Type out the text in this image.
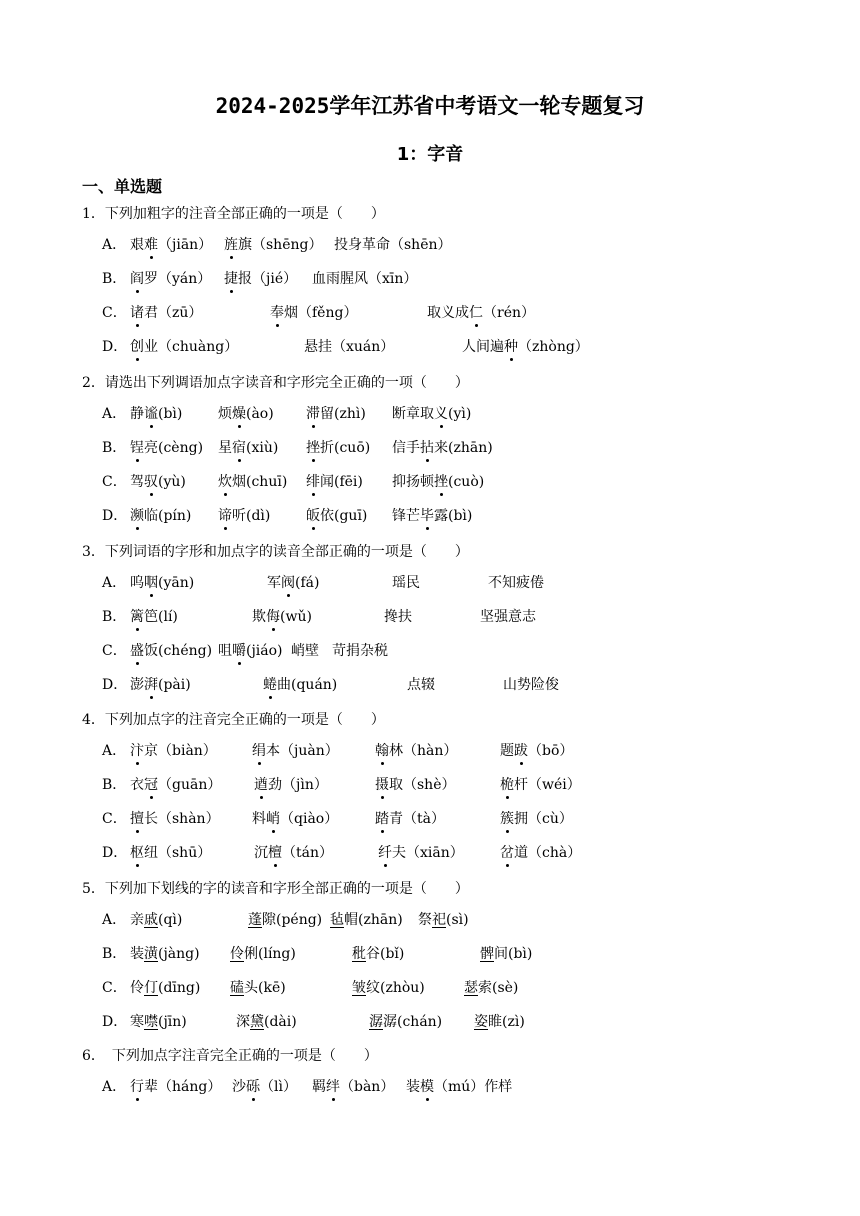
2024-2025学年江苏省中考语文一轮专题复习
1：字音
一、单选题
1．下列加粗字的注音全部正确的一项是（　　）
A． 艰难（jiān） 旌旗（shēng） 投身革命（shēn）
B． 阎罗（yán） 捷报（jié） 血雨腥风（xīn）
C． 诸君（zū）	奉烟（fěng）	取义成仁（rén）
D． 创业（chuàng）	悬挂（xuán）	人间遍种（zhòng）
2．请选出下列调语加点字读音和字形完全正确的一项（　　）
A． 静谧(bì)	烦燥(ào) 滞留(zhì) 断章取义(yì)
B． 锃亮(cèng) 星宿(xiù) 挫折(cuō) 信手拈来(zhān)
C． 驾驭(yù) 炊烟(chuī) 绯闻(fēi) 抑扬顿挫(cuò)
D． 濒临(pín) 谛听(dì)	皈依(guī) 锋芒毕露(bì)
3．下列词语的字形和加点字的读音全部正确的一项是（　　）
A． 呜咽(yān)	军阀(fá)	瑶民	不知疲倦
B． 篱笆(lí)	欺侮(wǔ)	搀扶	坚强意志
C． 盛饭(chéng) 咀嚼(jiáo) 峭壁 苛捐杂税
D． 澎湃(pài)	蜷曲(quán)	点辍	山势险俊
4．下列加点字的注音完全正确的一项是（　　）
A． 汴京（biàn）	绢本（juàn）	翰林（hàn）	题跋（bō）
B． 衣冠（guān） 遒劲（jìn）	摄取（shè）	桅杆（wéi）
C． 擅长（shàn） 料峭（qiào）	踏青（tà）	簇拥（cù）
D． 枢纽（shū）	沉檀（tán）	纤夫（xiān）	岔道（chà）
5．下列加下划线的字的读音和字形全部正确的一项是（　　）
A． 亲戚(qì)	蓬隙(péng) 毡帽(zhān) 祭祀(sì)
B． 装潢(jàng) 伶俐(líng)	秕谷(bǐ)	髀间(bì)
C． 伶仃(dīng) 磕头(kē)	皱纹(zhòu)	瑟索(sè)
D． 寒噤(jīn)	深黛(dài)	潺潺(chán) 姿睢(zì)
6．　下列加点字注音完全正确的一项是（　　）
A． 行辈（háng） 沙砾（lì） 羁绊（bàn） 装模（mú）作样
